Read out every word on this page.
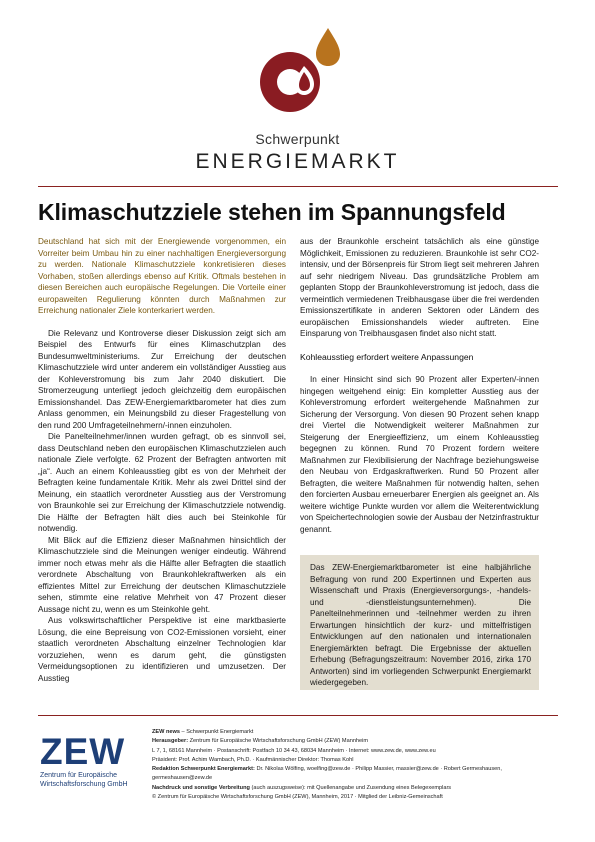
Schwerpunkt
ENERGIEMARKT
Klimaschutzziele stehen im Spannungsfeld

Deutschland hat sich mit der Energiewende vorgenommen, ein Vorreiter beim Umbau hin zu einer nachhaltigen Energieversorgung zu werden. Nationale Klimaschutzziele konkretisieren dieses Vorhaben, stoßen allerdings ebenso auf Kritik. Oftmals bestehen in diesen Bereichen auch europäische Regelungen. Die Vorteile einer europaweiten Regulierung könnten durch Maßnahmen zur Erreichung nationaler Ziele konterkariert werden.

Die Relevanz und Kontroverse dieser Diskussion zeigt sich am Beispiel des Entwurfs für eines Klimaschutzplan des Bundesumweltministeriums. Zur Erreichung der deutschen Klimaschutzziele wird unter anderem ein vollständiger Ausstieg aus der Kohleverstromung bis zum Jahr 2040 diskutiert. Die Stromerzeugung unterliegt jedoch gleichzeitig dem europäischen Emissionshandel. Das ZEW-Energiemarktbarometer hat dies zum Anlass genommen, ein Meinungsbild zu dieser Fragestellung von den rund 200 Umfrageteilnehmern/-innen einzuholen.

Die Panelteilnehmer/innen wurden gefragt, ob es sinnvoll sei, dass Deutschland neben den europäischen Klimaschutzzielen auch nationale Ziele verfolgte. 62 Prozent der Befragten antworten mit „ja“. Auch an einem Kohleausstieg gibt es von der Mehrheit der Befragten keine fundamentale Kritik. Mehr als zwei Drittel sind der Meinung, ein staatlich verordneter Ausstieg aus der Verstromung von Braunkohle sei zur Erreichung der Klimaschutzziele notwendig. Die Hälfte der Befragten hält dies auch bei Steinkohle für notwendig.

Mit Blick auf die Effizienz dieser Maßnahmen hinsichtlich der Klimaschutzziele sind die Meinungen weniger eindeutig. Während immer noch etwas mehr als die Hälfte aller Befragten die staatlich verordnete Abschaltung von Braunkohlekraftwerken als ein effizientes Mittel zur Erreichung der deutschen Klimaschutzziele sehen, stimmte eine relative Mehrheit von 47 Prozent dieser Aussage nicht zu, wenn es um Steinkohle geht.

Aus volkswirtschaftlicher Perspektive ist eine marktbasierte Lösung, die eine Bepreisung von CO2-Emissionen vorsieht, einer staatlich verordneten Abschaltung einzelner Technologien klar vorzuziehen, wenn es darum geht, die günstigsten Vermeidungsoptionen zu identifizieren und umzusetzen. Der Ausstieg

aus der Braunkohle erscheint tatsächlich als eine günstige Möglichkeit, Emissionen zu reduzieren. Braunkohle ist sehr CO2-intensiv, und der Börsenpreis für Strom liegt seit mehreren Jahren auf sehr niedrigem Niveau. Das grundsätzliche Problem am geplanten Stopp der Braunkohleverstromung ist jedoch, dass die vermeintlich vermiedenen Treibhausgase über die frei werdenden Emissionszertifikate in anderen Sektoren oder Ländern des europäischen Emissionshandels wieder auftreten. Eine Einsparung von Treibhausgasen findet also nicht statt.

Kohleausstieg erfordert weitere Anpassungen

In einer Hinsicht sind sich 90 Prozent aller Experten/-innen hingegen weitgehend einig: Ein kompletter Ausstieg aus der Kohleverstromung erfordert weitergehende Maßnahmen zur Sicherung der Versorgung. Von diesen 90 Prozent sehen knapp drei Viertel die Notwendigkeit weiterer Maßnahmen zur Steigerung der Energieeffizienz, um einem Kohleausstieg begegnen zu können. Rund 70 Prozent fordern weitere Maßnahmen zur Flexibilisierung der Nachfrage beziehungsweise den Neubau von Erdgaskraftwerken. Rund 50 Prozent aller Befragten, die weitere Maßnahmen für notwendig halten, sehen den forcierten Ausbau erneuerbarer Energien als geeignet an. Als weitere wichtige Punkte wurden vor allem die Weiterentwicklung von Speichertechnologien sowie der Ausbau der Netzinfrastruktur genannt.

Das ZEW-Energiemarktbarometer ist eine halbjährliche Befragung von rund 200 Expertinnen und Experten aus Wissenschaft und Praxis (Energieversorgungs-, -handels- und -dienstleistungsunternehmen). Die Panelteilnehmerinnen und -teilnehmer werden zu ihren Erwartungen hinsichtlich der kurz- und mittelfristigen Entwicklungen auf den nationalen und internationalen Energiemärkten befragt. Die Ergebnisse der aktuellen Erhebung (Befragungszeitraum: November 2016, zirka 170 Antworten) sind im vorliegenden Schwerpunkt Energiemarkt wiedergegeben.
ZEW
Zentrum für Europäische
Wirtschaftsforschung GmbH
ZEW news – Schwerpunkt Energiemarkt
Herausgeber: Zentrum für Europäische Wirtschaftsforschung GmbH (ZEW) Mannheim
L 7, 1, 68161 Mannheim · Postanschrift: Postfach 10 34 43, 68034 Mannheim · Internet: www.zew.de, www.zew.eu
Präsident: Prof. Achim Wambach, Ph.D. · Kaufmännischer Direktor: Thomas Kohl
Redaktion Schwerpunkt Energiemarkt: Dr. Nikolas Wölfing, woelfing@zew.de · Philipp Massier, massier@zew.de · Robert Germeshausen, germeshausen@zew.de
Nachdruck und sonstige Verbreitung (auch auszugsweise): mit Quellenangabe und Zusendung eines Belegexemplars
© Zentrum für Europäische Wirtschaftsforschung GmbH (ZEW), Mannheim, 2017 · Mitglied der Leibniz-Gemeinschaft
